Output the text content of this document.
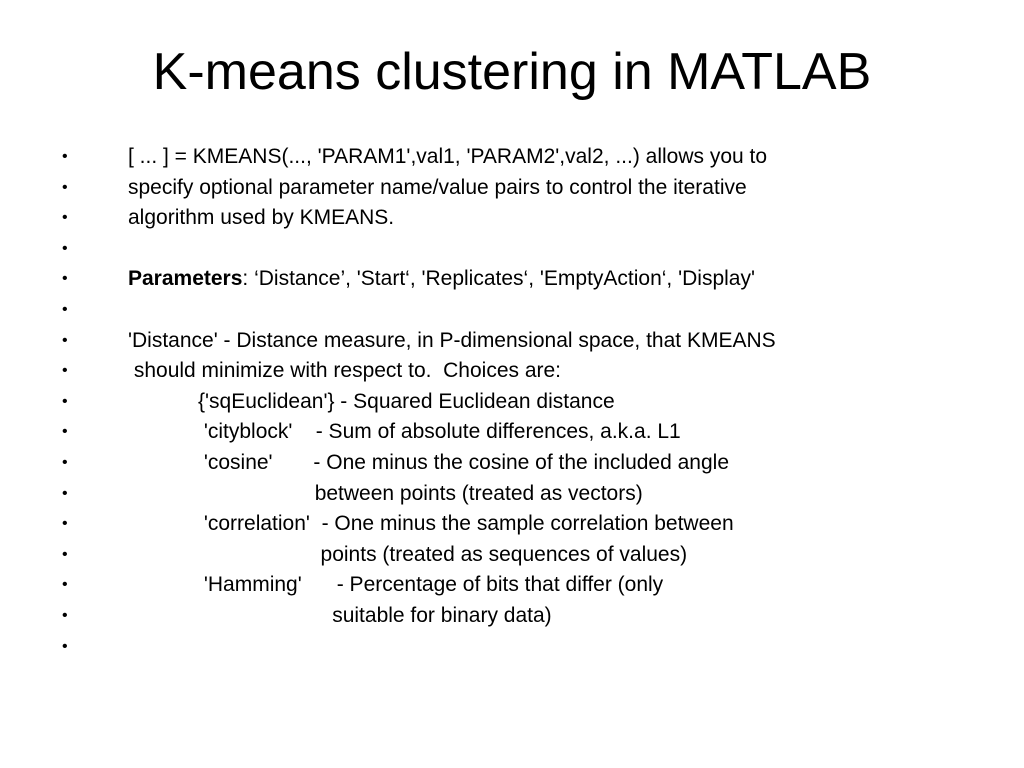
K-means clustering in MATLAB
•	[ ... ] = KMEANS(..., 'PARAM1',val1, 'PARAM2',val2, ...) allows you to
•	specify optional parameter name/value pairs to control the iterative
•	algorithm used by KMEANS.
•
•	Parameters: ‘Distance’, 'Start‘, 'Replicates‘, 'EmptyAction‘, 'Display'
•
•	'Distance' - Distance measure, in P-dimensional space, that KMEANS
•	should minimize with respect to.  Choices are:
•	{'sqEuclidean'} - Squared Euclidean distance
•	'cityblock'    - Sum of absolute differences, a.k.a. L1
•	'cosine'       - One minus the cosine of the included angle
•	between points (treated as vectors)
•	'correlation'  - One minus the sample correlation between
•	points (treated as sequences of values)
•	'Hamming'      - Percentage of bits that differ (only
•	suitable for binary data)
•
